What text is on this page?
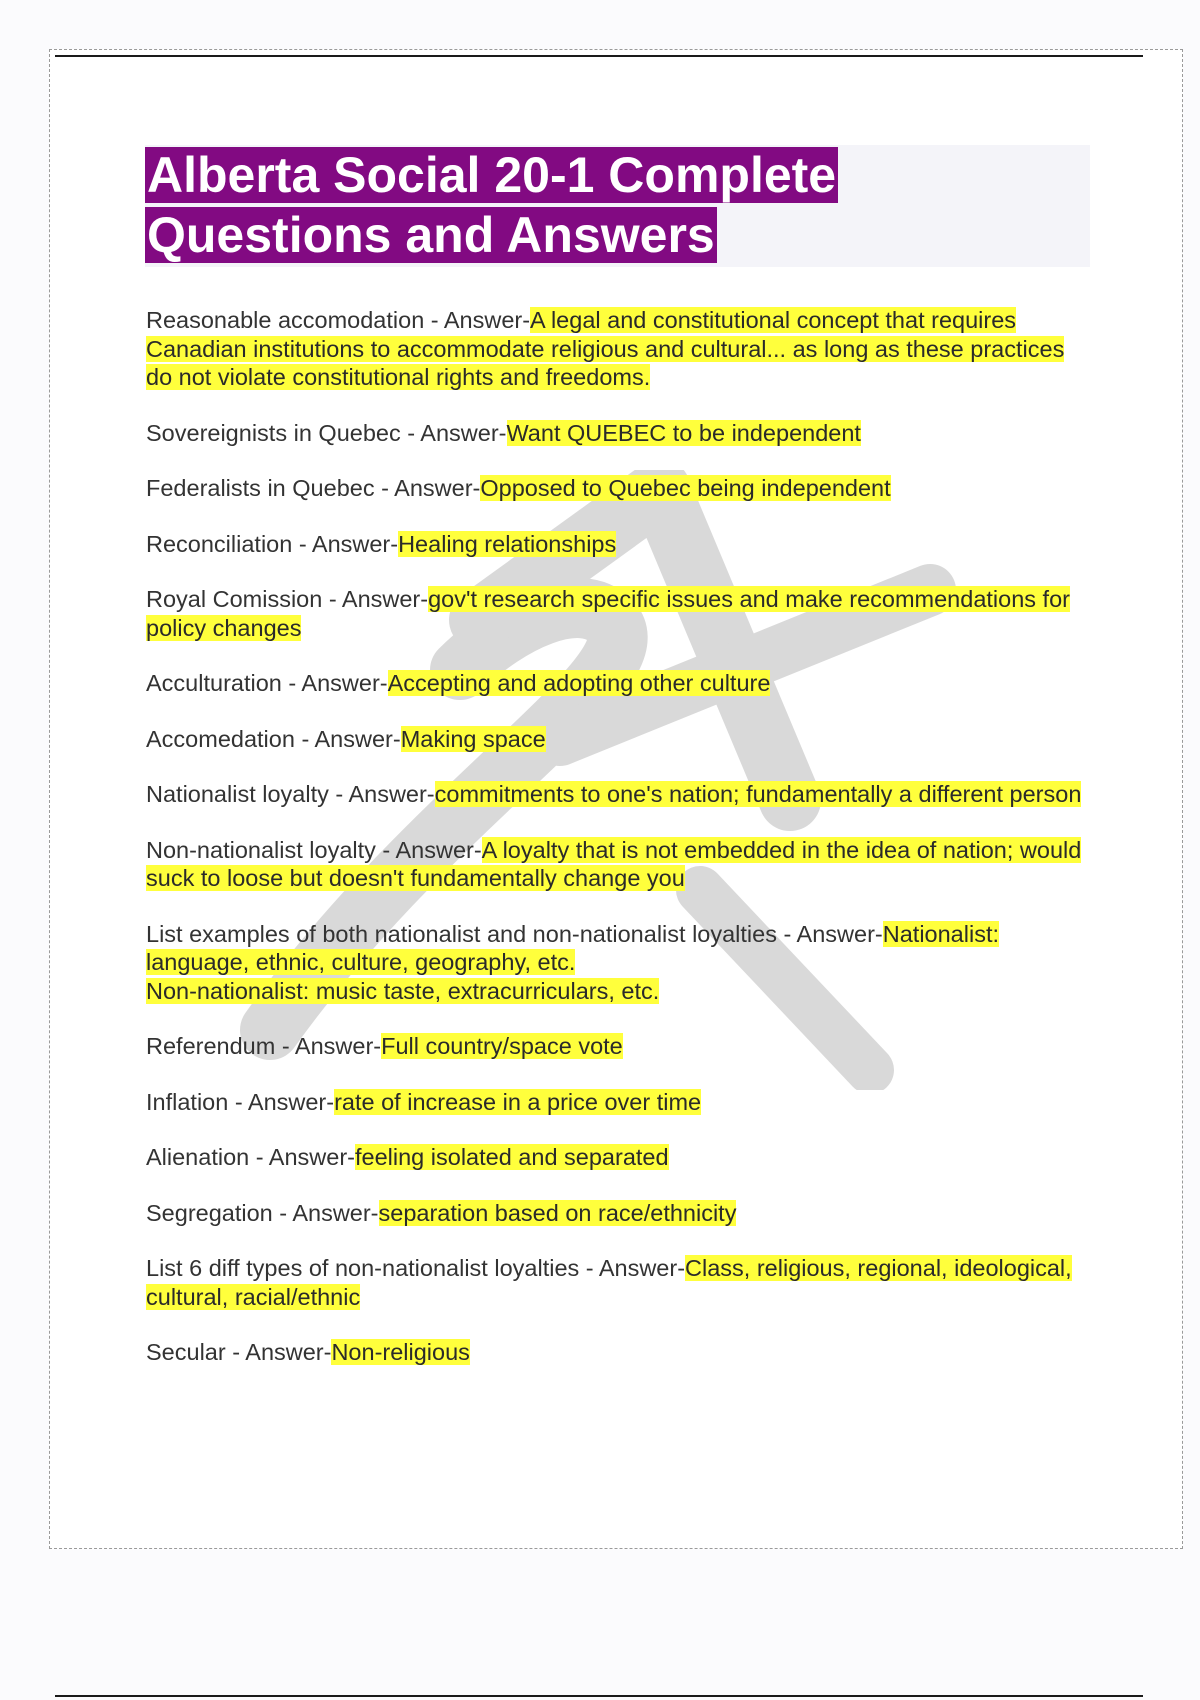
Alberta Social 20-1 Complete
Questions and Answers
Reasonable accomodation - Answer-A legal and constitutional concept that requires Canadian institutions to accommodate religious and cultural... as long as these practices do not violate constitutional rights and freedoms.
Sovereignists in Quebec - Answer-Want QUEBEC to be independent
Federalists in Quebec - Answer-Opposed to Quebec being independent
Reconciliation - Answer-Healing relationships
Royal Comission - Answer-gov't research specific issues and make recommendations for policy changes
Acculturation - Answer-Accepting and adopting other culture
Accomedation - Answer-Making space
Nationalist loyalty - Answer-commitments to one's nation; fundamentally a different person
Non-nationalist loyalty - Answer-A loyalty that is not embedded in the idea of nation; would suck to loose but doesn't fundamentally change you
List examples of both nationalist and non-nationalist loyalties - Answer-Nationalist: language, ethnic, culture, geography, etc.
Non-nationalist: music taste, extracurriculars, etc.
Referendum - Answer-Full country/space vote
Inflation - Answer-rate of increase in a price over time
Alienation - Answer-feeling isolated and separated
Segregation - Answer-separation based on race/ethnicity
List 6 diff types of non-nationalist loyalties - Answer-Class, religious, regional, ideological, cultural, racial/ethnic
Secular - Answer-Non-religious
